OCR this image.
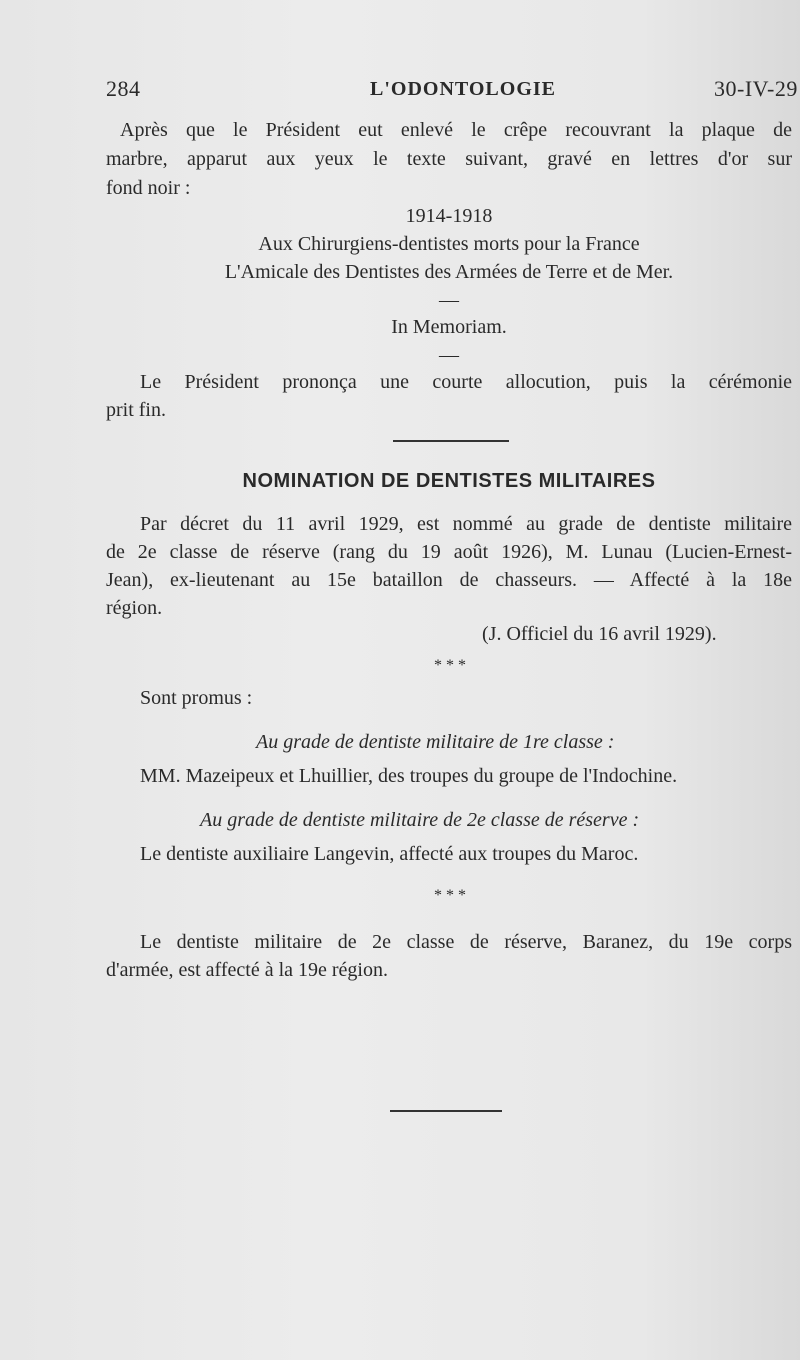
284	L'ODONTOLOGIE	30-IV-29
Après que le Président eut enlevé le crêpe recouvrant la plaque de
marbre, apparut aux yeux le texte suivant, gravé en lettres d'or sur
fond noir :
1914-1918
Aux Chirurgiens-dentistes morts pour la France
L'Amicale des Dentistes des Armées de Terre et de Mer.
—
In Memoriam.
—
Le Président prononça une courte allocution, puis la cérémonie
prit fin.
NOMINATION DE DENTISTES MILITAIRES
Par décret du 11 avril 1929, est nommé au grade de dentiste militaire
de 2e classe de réserve (rang du 19 août 1926), M. Lunau (Lucien-Ernest-
Jean), ex-lieutenant au 15e bataillon de chasseurs. — Affecté à la 18e
région.
(J. Officiel du 16 avril 1929).
* * *
Sont promus :
Au grade de dentiste militaire de 1re classe :
MM. Mazeipeux et Lhuillier, des troupes du groupe de l'Indochine.
Au grade de dentiste militaire de 2e classe de réserve :
Le dentiste auxiliaire Langevin, affecté aux troupes du Maroc.
* * *
Le dentiste militaire de 2e classe de réserve, Baranez, du 19e corps
d'armée, est affecté à la 19e région.
